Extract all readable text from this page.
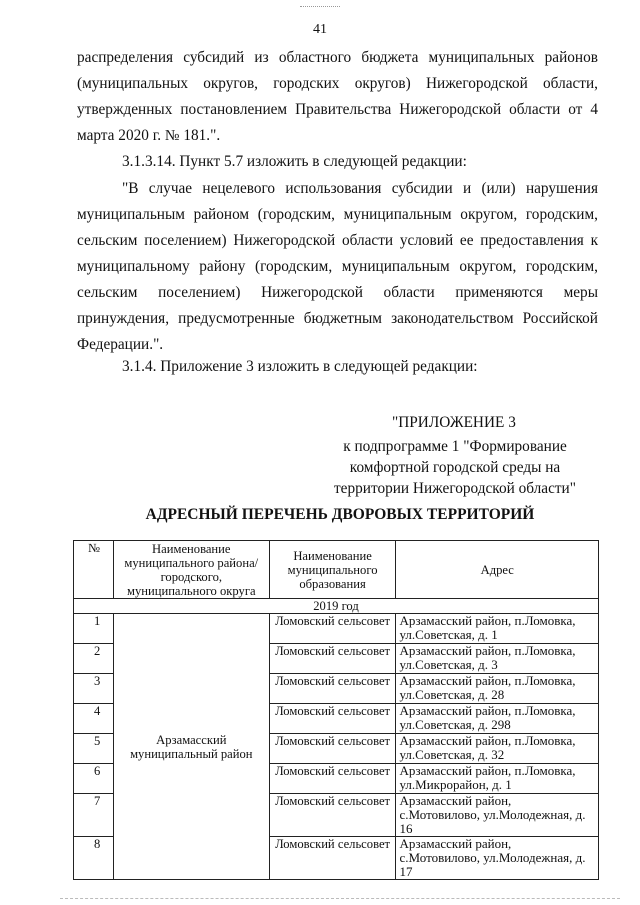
41
распределения субсидий из областного бюджета муниципальных районов
(муниципальных округов, городских округов) Нижегородской области,
утвержденных постановлением Правительства Нижегородской области от 4
марта 2020 г. № 181.".
3.1.3.14. Пункт 5.7 изложить в следующей редакции:
"В случае нецелевого использования субсидии и (или) нарушения
муниципальным районом (городским, муниципальным округом, городским,
сельским поселением) Нижегородской области условий ее предоставления к
муниципальному району (городским, муниципальным округом, городским,
сельским поселением) Нижегородской области применяются меры
принуждения, предусмотренные бюджетным законодательством Российской
Федерации.".
3.1.4. Приложение 3 изложить в следующей редакции:
"ПРИЛОЖЕНИЕ 3
к подпрограмме 1 "Формирование
комфортной городской среды на
территории Нижегородской области"
АДРЕСНЫЙ ПЕРЕЧЕНЬ ДВОРОВЫХ ТЕРРИТОРИЙ
№	Наименование муниципального района/ городского, муниципального округа	Наименование муниципального образования	Адрес
2019 год			
1	Арзамасский муниципальный район	Ломовский сельсовет	Арзамасский район, п.Ломовка, ул.Советская, д. 1
2		Ломовский сельсовет	Арзамасский район, п.Ломовка, ул.Советская, д. 3
3		Ломовский сельсовет	Арзамасский район, п.Ломовка, ул.Советская, д. 28
4		Ломовский сельсовет	Арзамасский район, п.Ломовка, ул.Советская, д. 298
5		Ломовский сельсовет	Арзамасский район, п.Ломовка, ул.Советская, д. 32
6		Ломовский сельсовет	Арзамасский район, п.Ломовка, ул.Микрорайон, д. 1
7		Ломовский сельсовет	Арзамасский район, с.Мотовилово, ул.Молодежная, д. 16
8		Ломовский сельсовет	Арзамасский район, с.Мотовилово, ул.Молодежная, д. 17
